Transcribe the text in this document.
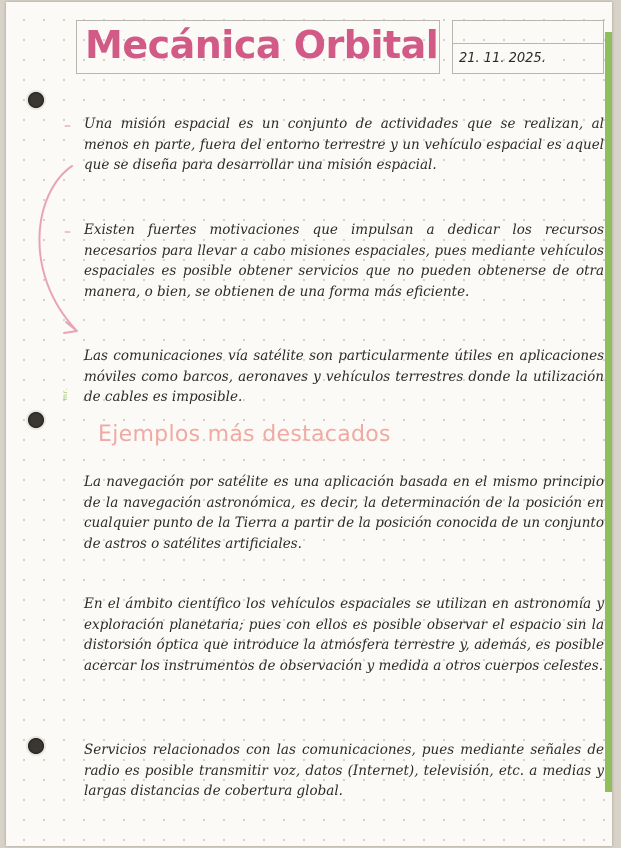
mr.
Mecánica Orbital 21. 11. 2025.
– Una misión espacial es un conjunto de actividades que se realizan, al menos en parte, fuera del entorno terrestre y un vehículo espacial es aquel que se diseña para desarrollar una misión espacial.

– Existen fuertes motivaciones que impulsan a dedicar los recursos necesarios para llevar a cabo misiones espaciales, pues mediante vehículos espaciales es posible obtener servicios que no pueden obtenerse de otra manera, o bien, se obtienen de una forma más eficiente.

Las comunicaciones vía satélite son particularmente útiles en aplicaciones móviles como barcos, aeronaves y vehículos terrestres donde la utilización de cables es imposible.

Ejemplos más destacados

La navegación por satélite es una aplicación basada en el mismo principio de la navegación astronómica, es decir, la determinación de la posición en cualquier punto de la Tierra a partir de la posición conocida de un conjunto de astros o satélites artificiales.

En el ámbito científico los vehículos espaciales se utilizan en astronomía y exploración planetaria; pues con ellos es posible observar el espacio sin la distorsión óptica que introduce la atmósfera terrestre y, además, es posible acercar los instrumentos de observación y medida a otros cuerpos celestes.

Servicios relacionados con las comunicaciones, pues mediante señales de radio es posible transmitir voz, datos (Internet), televisión, etc. a medias y largas distancias de cobertura global.
